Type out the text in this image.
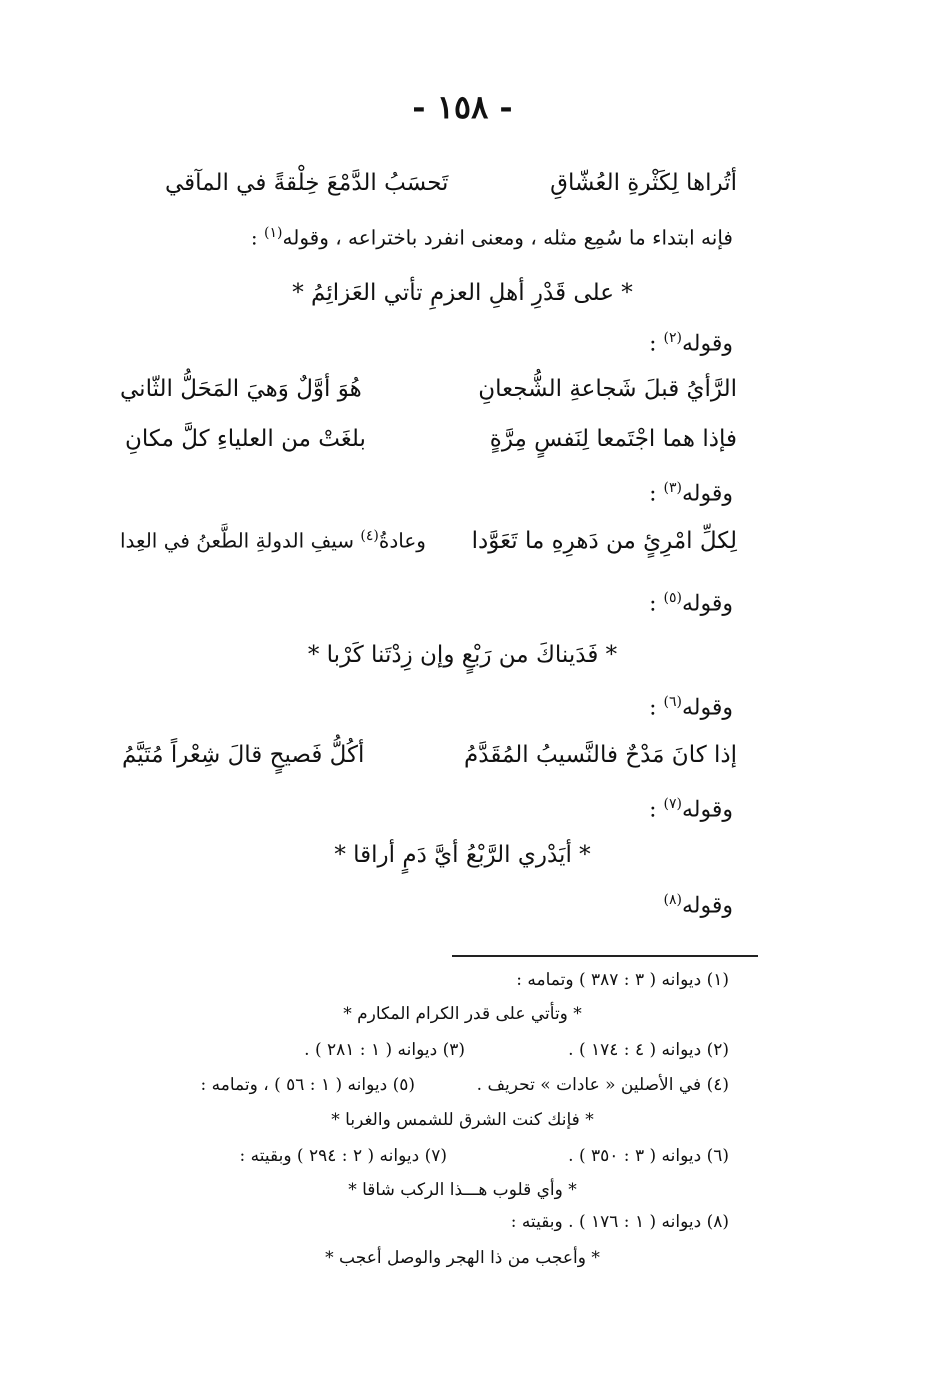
- ١٥٨ -
أتُراها لِكَثْرةِ العُشّاقِ
تَحسَبُ الدَّمْعَ خِلْقةً في المآقي
فإنه ابتداء ما سُمِع مثله ، ومعنى انفرد باختراعه ، وقوله$^{(١)}$ :
* على قَدْرِ أهلِ العزمِ تأتي العَزائِمُ *
وقوله$^{(٢)}$ :
الرَّأيُ قبلَ شَجاعةِ الشُّجعانِ
هُوَ أوَّلٌ وَهيَ المَحَلُّ الثّاني
فإذا هما اجْتَمعا لِنَفسٍ مِرَّةٍ
بلغَتْ من العلياءِ كلَّ مكانِ
وقوله$^{(٣)}$ :
لِكلِّ امْرِئٍ من دَهرِهِ ما تَعَوَّدا
وعادةُ$^{(٤)}$ سيفِ الدولةِ الطَّعنُ في العِدا
وقوله$^{(٥)}$ :
* فَدَيناكَ من رَبْعٍ وإن زِدْتَنا كَرْبا *
وقوله$^{(٦)}$ :
إذا كانَ مَدْحٌ فالنَّسيبُ المُقَدَّمُ
أكُلُّ فَصيحٍ قالَ شِعْراً مُتَيَّمُ
وقوله$^{(٧)}$ :
* أيَدْري الرَّبْعُ أيَّ دَمٍ أراقا *
وقوله$^{(٨)}$
(١) ديوانه ( ٣ : ٣٨٧ ) وتمامه :
* وتأتي على قدر الكرام المكارم *
(٢) ديوانه ( ٤ : ١٧٤ ) .
(٣) ديوانه ( ١ : ٢٨١ ) .
(٤) في الأصلين « عادات » تحريف .
(٥) ديوانه ( ١ : ٥٦ ) ، وتمامه :
* فإنك كنت الشرق للشمس والغربا *
(٦) ديوانه ( ٣ : ٣٥٠ ) .
(٧) ديوانه ( ٢ : ٢٩٤ ) وبقيته :
* وأي قلوب هـــذا الركب شاقا *
(٨) ديوانه ( ١ : ١٧٦ ) . وبقيته :
* وأعجب من ذا الهجر والوصل أعجب *
